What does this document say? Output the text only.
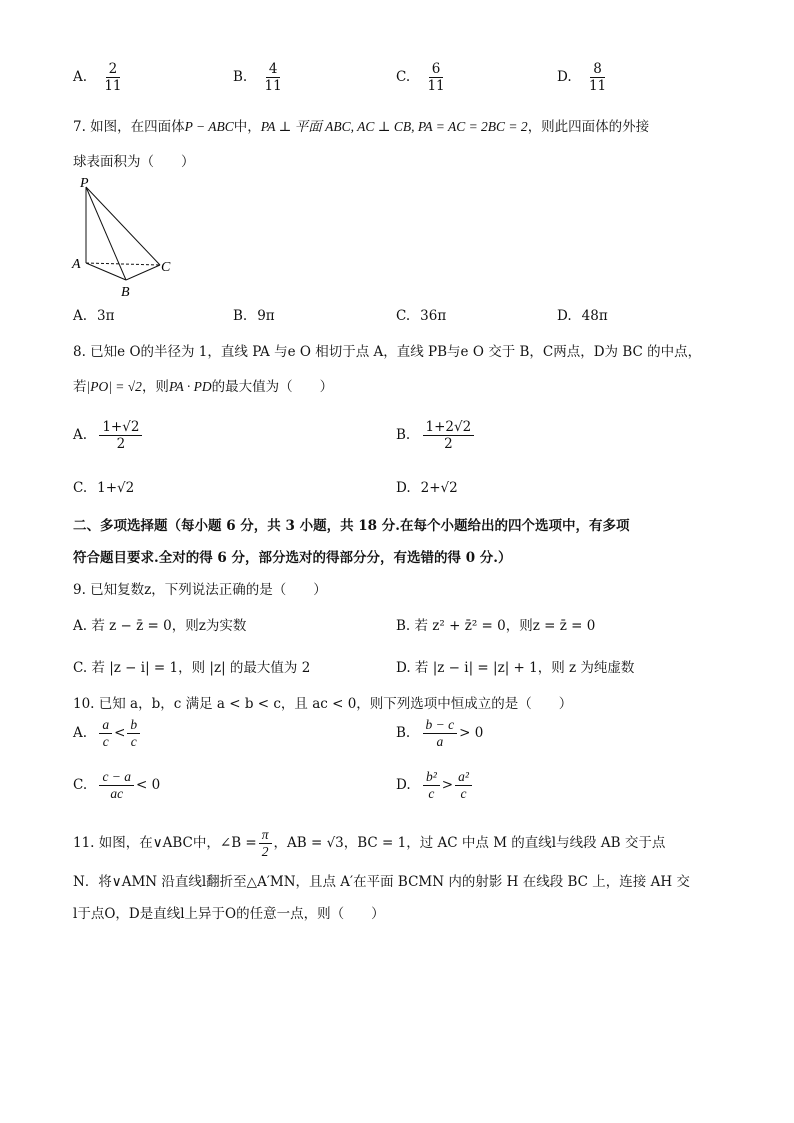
A. $\frac{2}{11}$	B. $\frac{4}{11}$	C. $\frac{6}{11}$	D. $\frac{8}{11}$
7. 如图，在四面体P − ABC中，PA ⊥ 平面 ABC, AC ⊥ CB, PA = AC = 2BC = 2，则此四面体的外接
球表面积为（　　）
P
A
B
C
A. 3π	B. 9π	C. 36π	D. 48π
8. 已知e O的半径为 1，直线 PA 与e O 相切于点 A，直线 PB与e O 交于 B，C两点，D为 BC 的中点，
若|PO| = √2，则PA · PD的最大值为（　　）
A. $\frac{1+√2}{2}$	B. $\frac{1+2√2}{2}$
C. 1+√2	D. 2+√2
二、多项选择题（每小题 6 分，共 3 小题，共 18 分.在每个小题给出的四个选项中，有多项
符合题目要求.全对的得 6 分，部分选对的得部分分，有选错的得 0 分.）
9. 已知复数z，下列说法正确的是（　　）
A. 若 z − z̄ = 0，则z为实数	B. 若 z² + z̄² = 0，则z = z̄ = 0
C. 若 |z − i| = 1，则 |z| 的最大值为 2	D. 若 |z − i| = |z| + 1，则 z 为纯虚数
10. 已知 a，b，c 满足 a < b < c，且 ac < 0，则下列选项中恒成立的是（　　）
A. $\frac{a}{c} < \frac{b}{c}$	B. $\frac{b - c}{a} > 0$
C. $\frac{c - a}{ac} < 0$	D. $\frac{\text{b²}}{c} > \frac{\text{a²}}{c}$
11. 如图，在∨ABC中，∠B = $\frac{\pi}{2}$ ，AB = √3，BC = 1，过 AC 中点 M 的直线l与线段 AB 交于点
N．将∨AMN 沿直线l翻折至△A′MN，且点 A′在平面 BCMN 内的射影 H 在线段 BC 上，连接 AH 交
l于点O，D是直线l上异于O的任意一点，则（　　）
